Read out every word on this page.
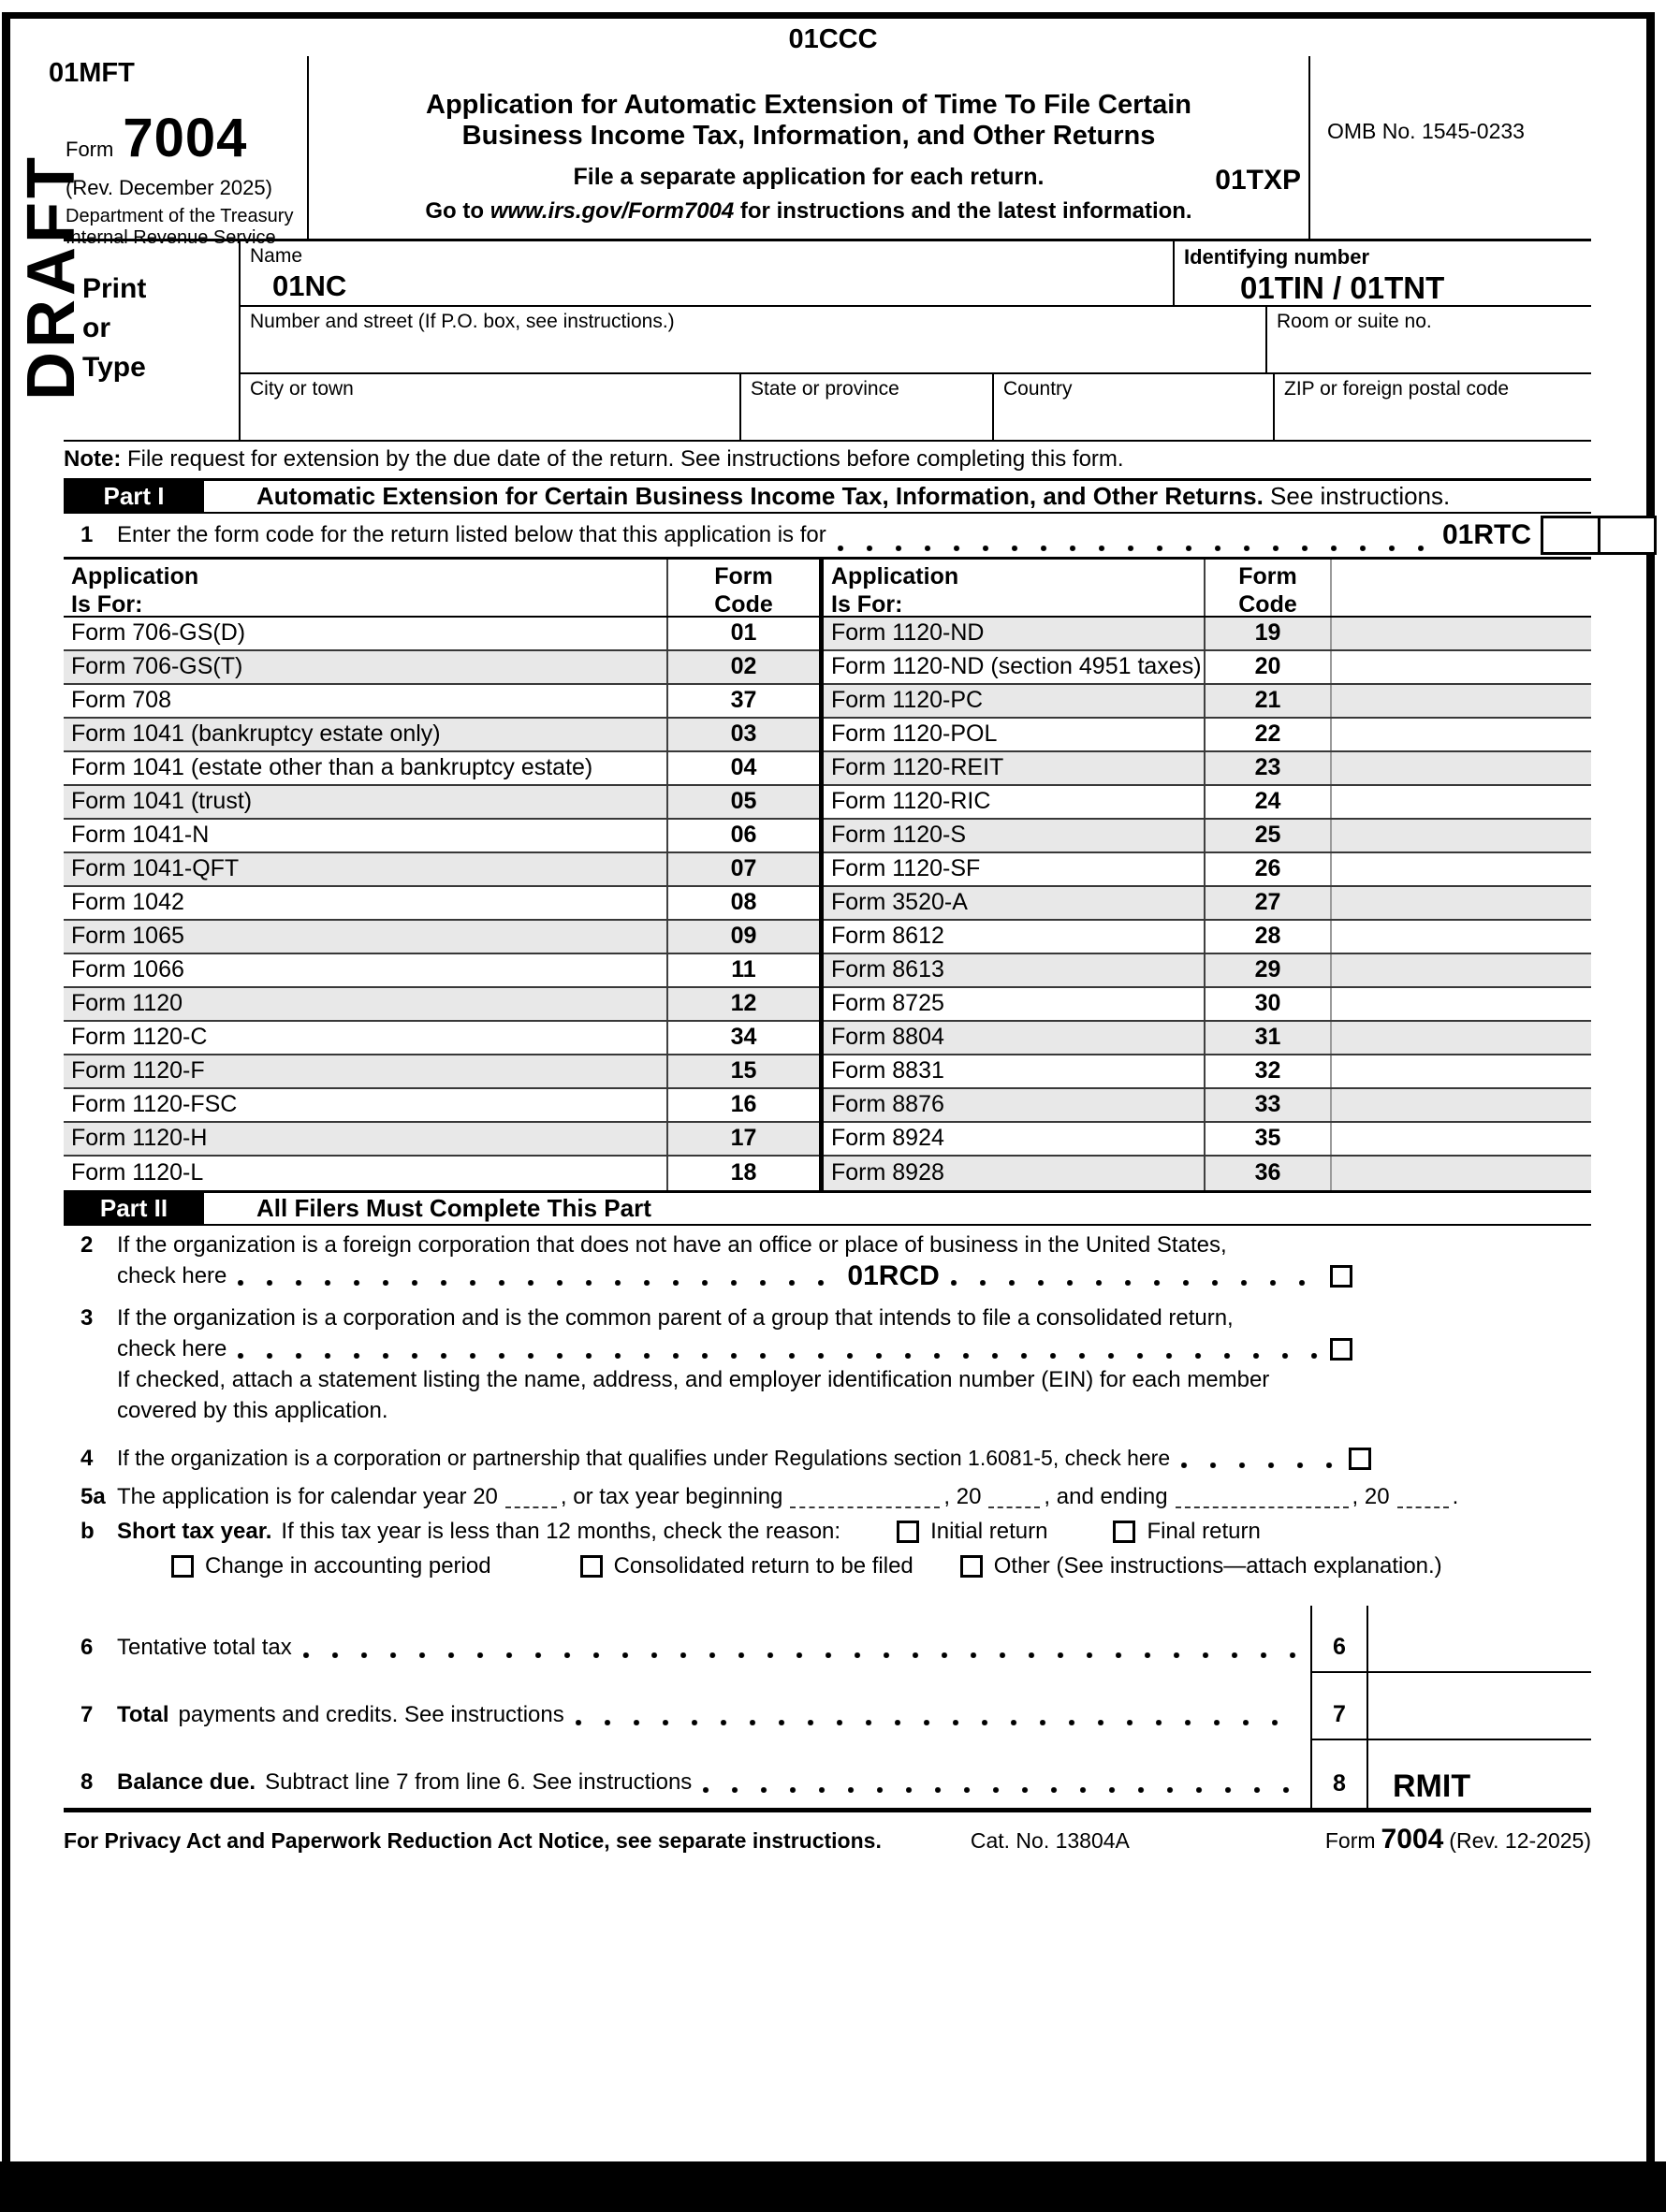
01MFT
01CCC
DRAFT
Form 7004
(Rev. December 2025)
Department of the Treasury
Internal Revenue Service
Application for Automatic Extension of Time To File Certain
Business Income Tax, Information, and Other Returns
File a separate application for each return.	01TXP
Go to www.irs.gov/Form7004 for instructions and the latest information.
OMB No. 1545-0233
Print
or
Type
Name
01NC
Identifying number
01TIN / 01TNT
Number and street (If P.O. box, see instructions.)	Room or suite no.
City or town	State or province	Country	ZIP or foreign postal code
Note: File request for extension by the due date of the return. See instructions before completing this form.
Part I	Automatic Extension for Certain Business Income Tax, Information, and Other Returns. See instructions.
1	Enter the form code for the return listed below that this application is for	01RTC
Application
Is For:
Form
Code
Form 706-GS(D)	01
Form 706-GS(T)	02
Form 708	37
Form 1041 (bankruptcy estate only)	03
Form 1041 (estate other than a bankruptcy estate)	04
Form 1041 (trust)	05
Form 1041-N	06
Form 1041-QFT	07
Form 1042	08
Form 1065	09
Form 1066	11
Form 1120	12
Form 1120-C	34
Form 1120-F	15
Form 1120-FSC	16
Form 1120-H	17
Form 1120-L	18
Application
Is For:
Form
Code
Form 1120-ND	19
Form 1120-ND (section 4951 taxes)	20
Form 1120-PC	21
Form 1120-POL	22
Form 1120-REIT	23
Form 1120-RIC	24
Form 1120-S	25
Form 1120-SF	26
Form 3520-A	27
Form 8612	28
Form 8613	29
Form 8725	30
Form 8804	31
Form 8831	32
Form 8876	33
Form 8924	35
Form 8928	36
Part II	All Filers Must Complete This Part
2	If the organization is a foreign corporation that does not have an office or place of business in the United States,
check here	01RCD
3	If the organization is a corporation and is the common parent of a group that intends to file a consolidated return,
check here
If checked, attach a statement listing the name, address, and employer identification number (EIN) for each member
covered by this application.
4	If the organization is a corporation or partnership that qualifies under Regulations section 1.6081-5, check here
5a The application is for calendar year 20	, or tax year beginning	, 20	, and ending	, 20	.
b	Short tax year. If this tax year is less than 12 months, check the reason:	Initial return	Final return
Change in accounting period	Consolidated return to be filed	Other (See instructions—attach explanation.)
6	Tentative total tax	6
7	Total payments and credits. See instructions	7
8	Balance due. Subtract line 7 from line 6. See instructions	8	RMIT
For Privacy Act and Paperwork Reduction Act Notice, see separate instructions.	Cat. No. 13804A	Form 7004 (Rev. 12-2025)
